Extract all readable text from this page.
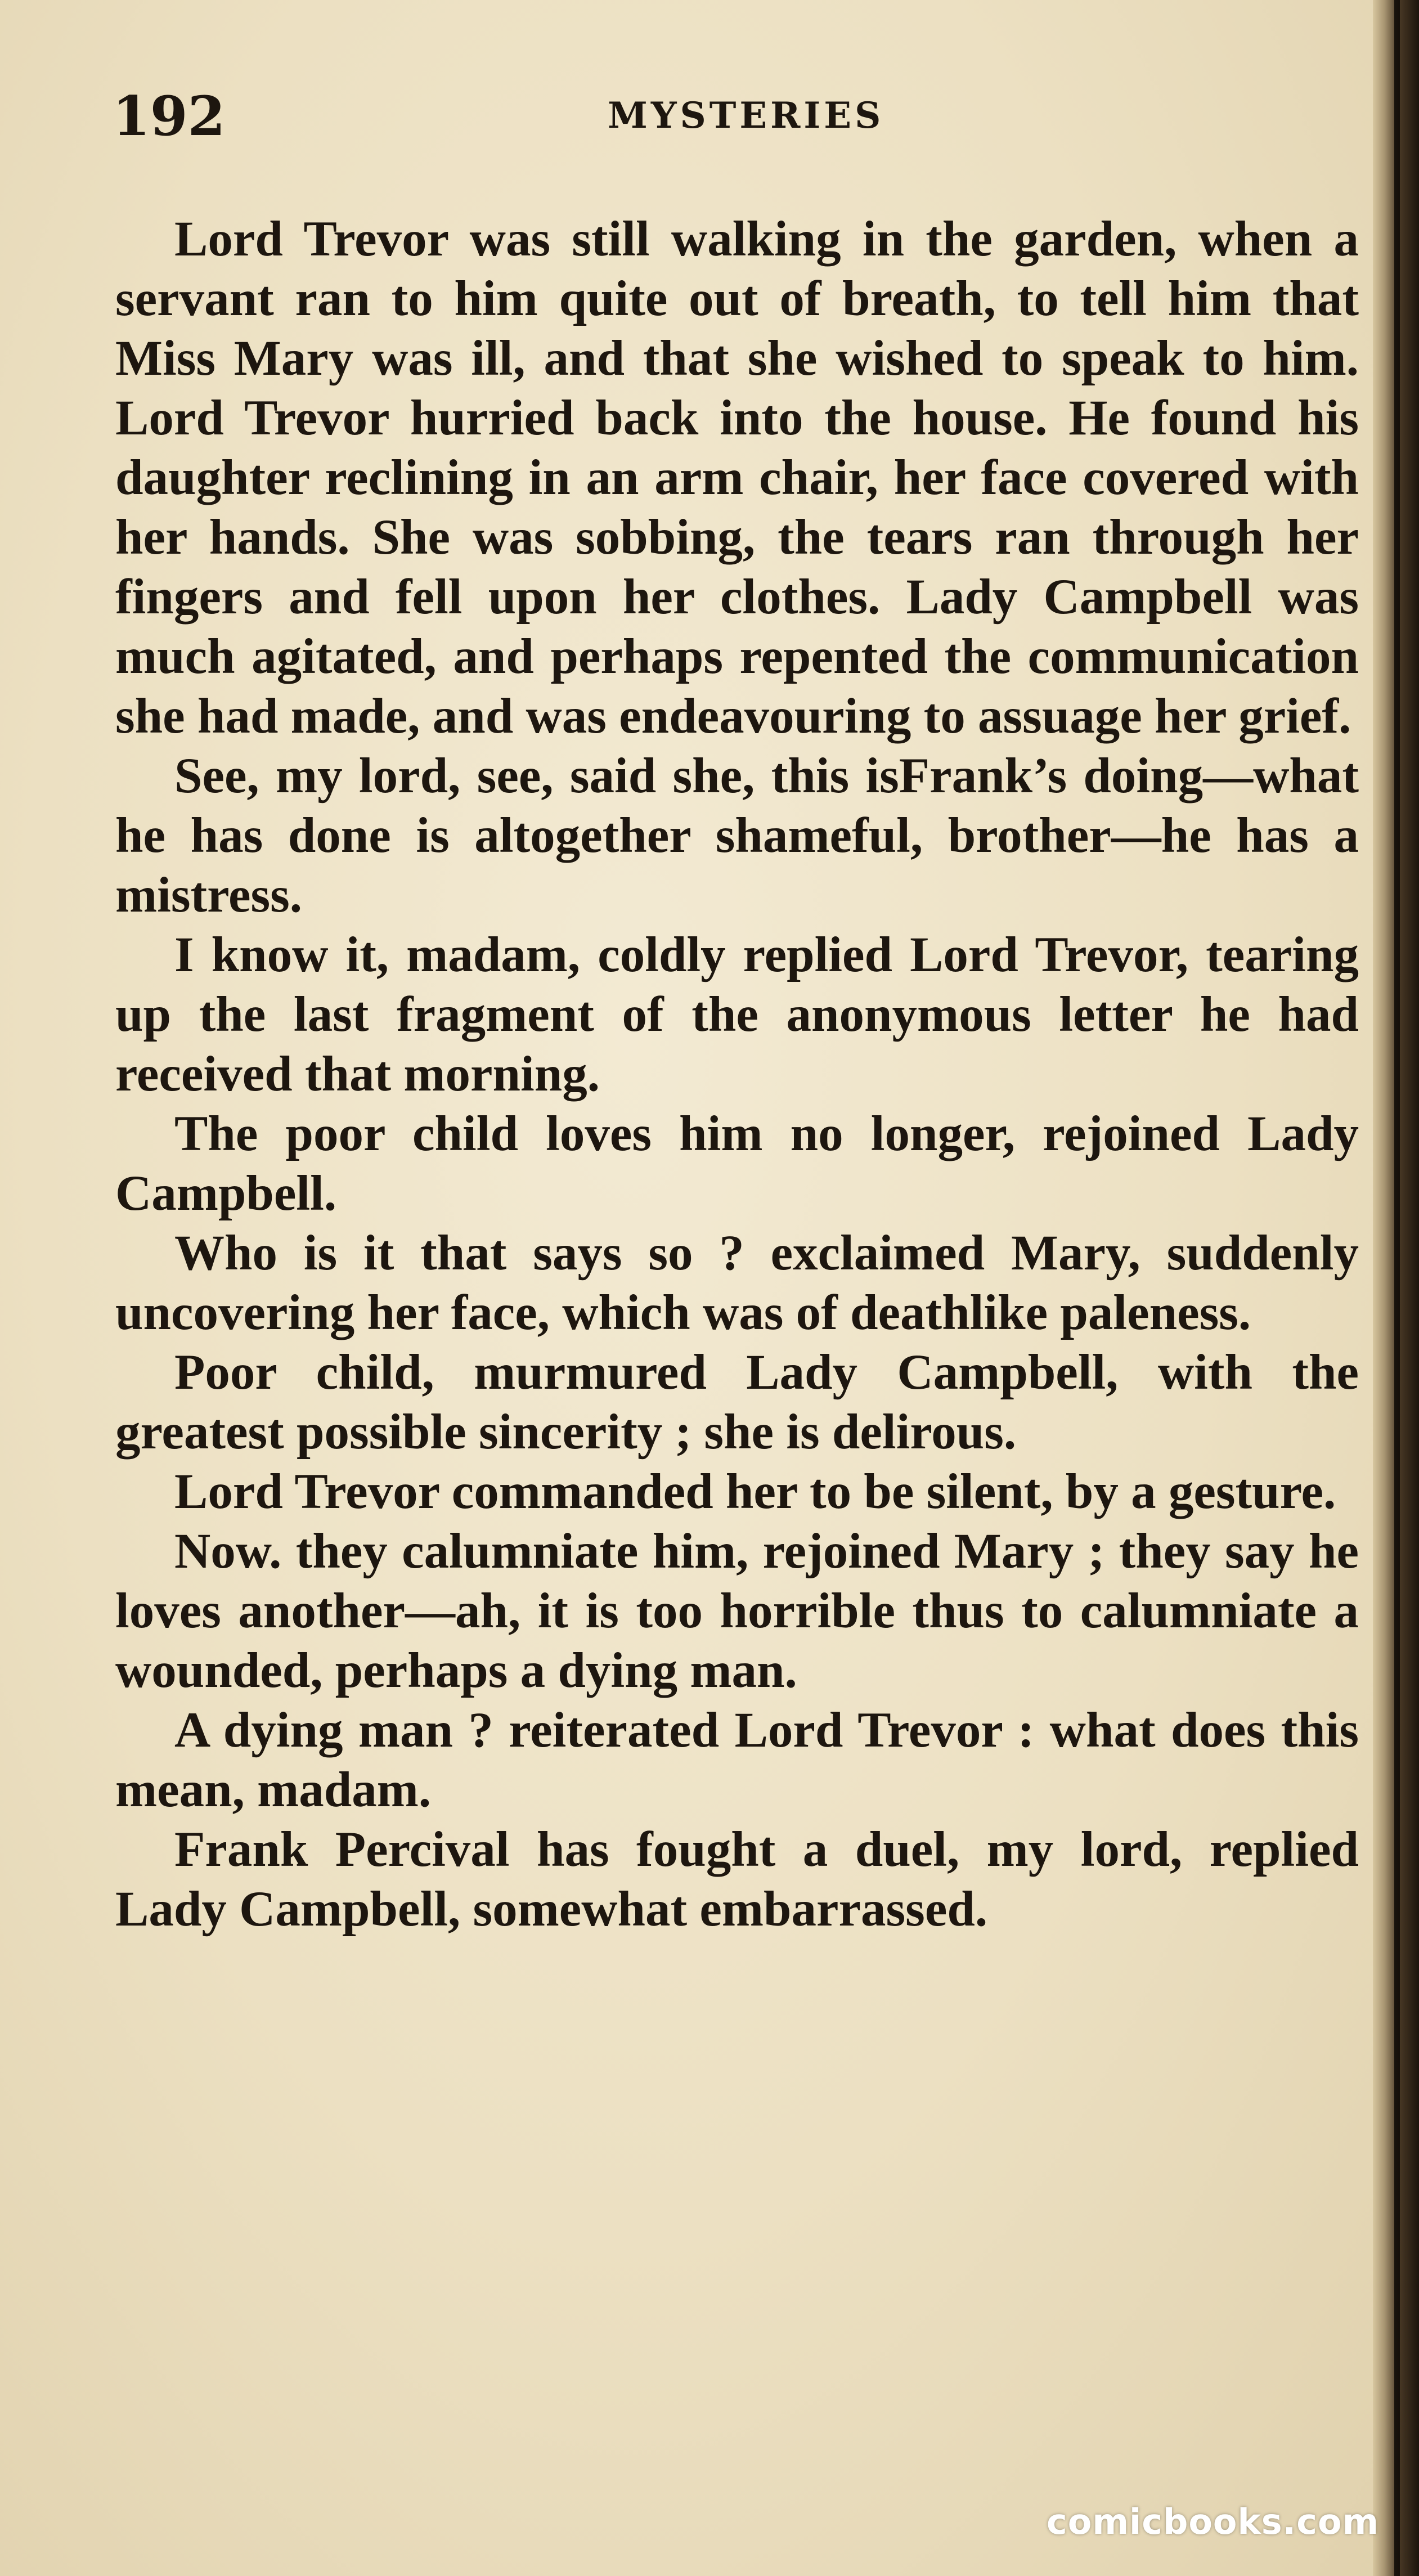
192	MYSTERIES

Lord Trevor was still walking in the garden, when a servant ran to him quite out of breath, to tell him that Miss Mary was ill, and that she wished to speak to him. Lord Trevor hurried back into the house. He found his daughter reclining in an arm chair, her face covered with her hands. She was sobbing, the tears ran through her fingers and fell upon her clothes. Lady Campbell was much agitated, and perhaps repented the communication she had made, and was endeavouring to assuage her grief.

See, my lord, see, said she, this isFrank’s doing—what he has done is altogether shameful, brother—he has a mistress.

I know it, madam, coldly replied Lord Trevor, tearing up the last fragment of the anonymous letter he had received that morning.

The poor child loves him no longer, rejoined Lady Campbell.

Who is it that says so ? exclaimed Mary, suddenly uncovering her face, which was of deathlike paleness.

Poor child, murmured Lady Campbell, with the greatest possible sincerity ; she is delirous.

Lord Trevor commanded her to be silent, by a gesture.

Now. they calumniate him, rejoined Mary ; they say he loves another—ah, it is too horrible thus to calumniate a wounded, perhaps a dying man.

A dying man ? reiterated Lord Trevor : what does this mean, madam.

Frank Percival has fought a duel, my lord, replied Lady Campbell, somewhat embarrassed.

comicbooks.com
